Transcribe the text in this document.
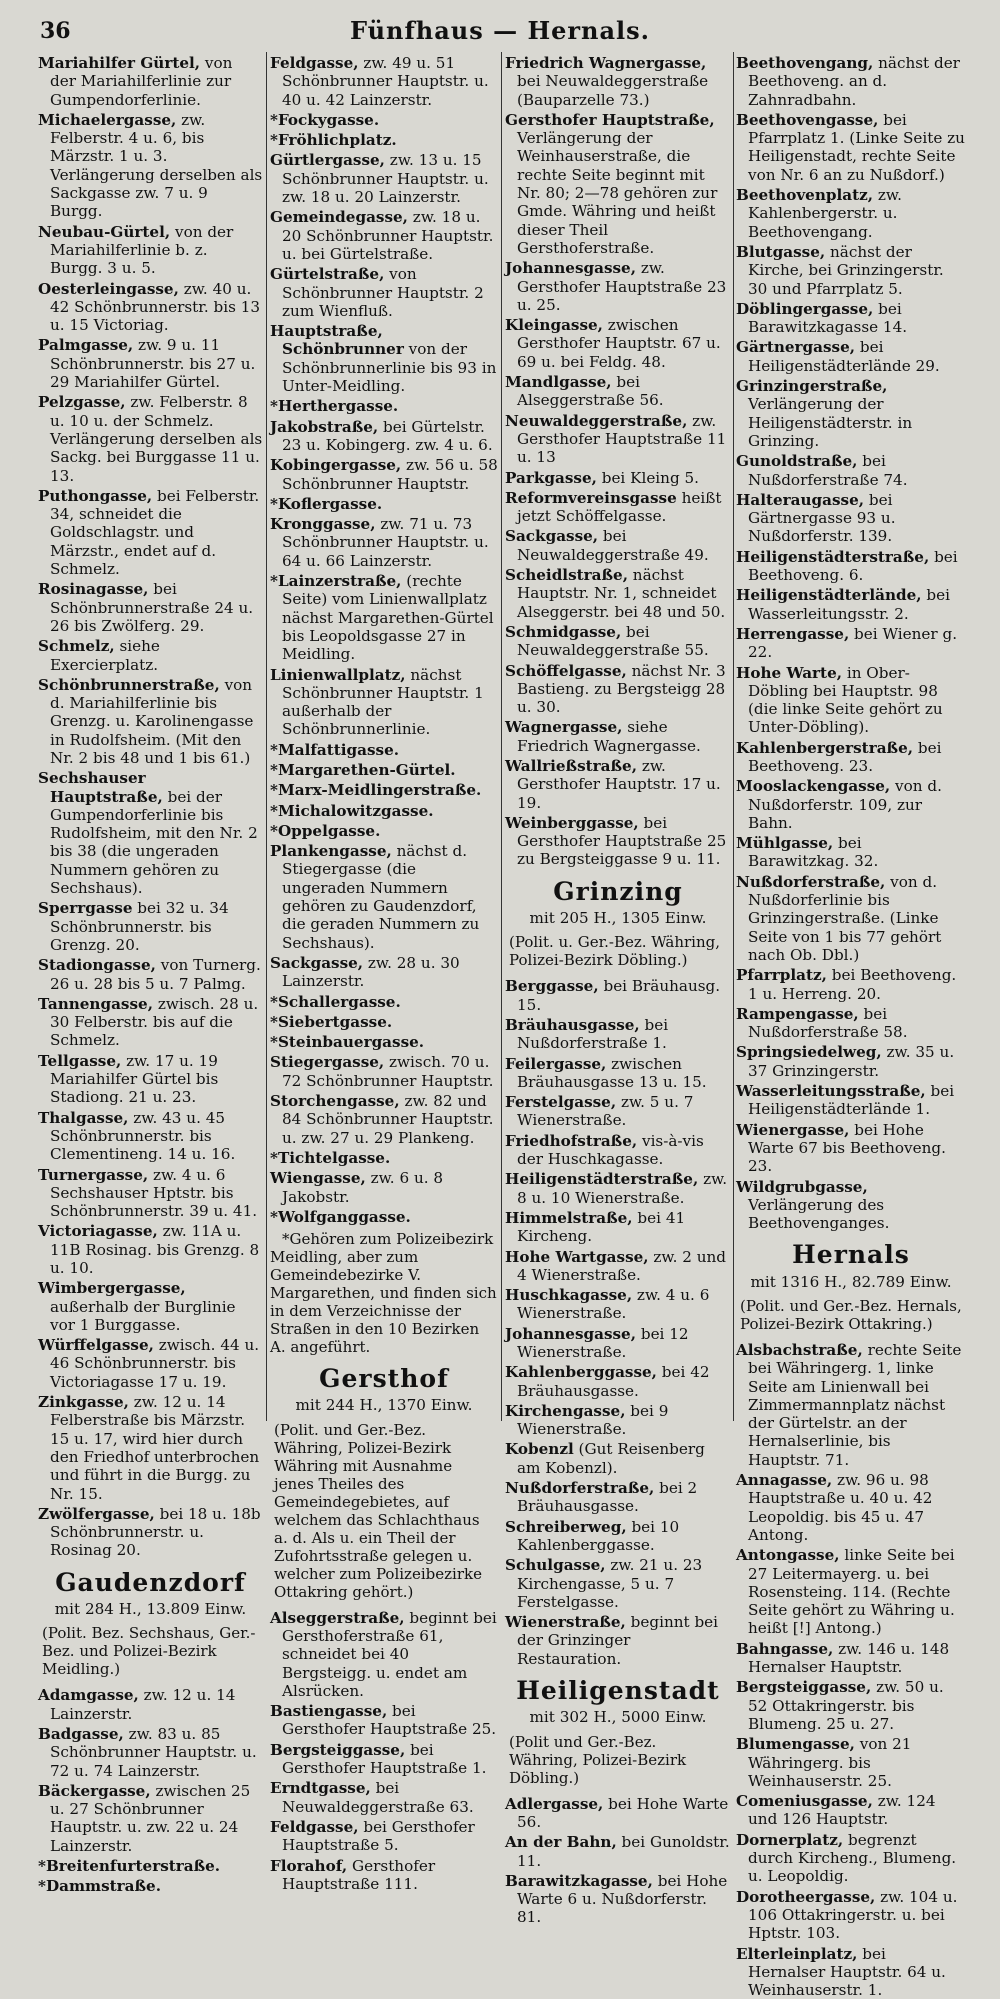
36	Fünfhaus — Hernals.
Mariahilfer Gürtel, von der Mariahilferlinie zur Gumpendorferlinie.
Michaelergasse, zw. Felberstr. 4 u. 6, bis Märzstr. 1 u. 3. Verlängerung derselben als Sackgasse zw. 7 u. 9 Burgg.
Neubau-Gürtel, von der Mariahilferlinie b. z. Burgg. 3 u. 5.
Oesterleingasse, zw. 40 u. 42 Schönbrunnerstr. bis 13 u. 15 Victoriag.
Palmgasse, zw. 9 u. 11 Schönbrunnerstr. bis 27 u. 29 Mariahilfer Gürtel.
Pelzgasse, zw. Felberstr. 8 u. 10 u. der Schmelz. Verlängerung derselben als Sackg. bei Burggasse 11 u. 13.
Puthongasse, bei Felberstr. 34, schneidet die Goldschlagstr. und Märzstr., endet auf d. Schmelz.
Rosinagasse, bei Schönbrunnerstraße 24 u. 26 bis Zwölferg. 29.
Schmelz, siehe Exercierplatz.
Schönbrunnerstraße, von d. Mariahilferlinie bis Grenzg. u. Karolinengasse in Rudolfsheim. (Mit den Nr. 2 bis 48 und 1 bis 61.)
Sechshauser Hauptstraße, bei der Gumpendorferlinie bis Rudolfsheim, mit den Nr. 2 bis 38 (die ungeraden Nummern gehören zu Sechshaus).
Sperrgasse bei 32 u. 34 Schönbrunnerstr. bis Grenzg. 20.
Stadiongasse, von Turnerg. 26 u. 28 bis 5 u. 7 Palmg.
Tannengasse, zwisch. 28 u. 30 Felberstr. bis auf die Schmelz.
Tellgasse, zw. 17 u. 19 Mariahilfer Gürtel bis Stadiong. 21 u. 23.
Thalgasse, zw. 43 u. 45 Schönbrunnerstr. bis Clementineng. 14 u. 16.
Turnergasse, zw. 4 u. 6 Sechshauser Hptstr. bis Schönbrunnerstr. 39 u. 41.
Victoriagasse, zw. 11A u. 11B Rosinag. bis Grenzg. 8 u. 10.
Wimbergergasse, außerhalb der Burglinie vor 1 Burggasse.
Würffelgasse, zwisch. 44 u. 46 Schönbrunnerstr. bis Victoriagasse 17 u. 19.
Zinkgasse, zw. 12 u. 14 Felberstraße bis Märzstr. 15 u. 17, wird hier durch den Friedhof unterbrochen und führt in die Burgg. zu Nr. 15.
Zwölfergasse, bei 18 u. 18b Schönbrunnerstr. u. Rosinag 20.
Gaudenzdorf
mit 284 H., 13.809 Einw.
(Polit. Bez. Sechshaus, Ger.-Bez. und Polizei-Bezirk Meidling.)
Adamgasse, zw. 12 u. 14 Lainzerstr.
Badgasse, zw. 83 u. 85 Schönbrunner Hauptstr. u. 72 u. 74 Lainzerstr.
Bäckergasse, zwischen 25 u. 27 Schönbrunner Hauptstr. u. zw. 22 u. 24 Lainzerstr.
*Breitenfurterstraße.
*Dammstraße.
Feldgasse, zw. 49 u. 51 Schönbrunner Hauptstr. u. 40 u. 42 Lainzerstr.
*Fockygasse.
*Fröhlichplatz.
Gürtlergasse, zw. 13 u. 15 Schönbrunner Hauptstr. u. zw. 18 u. 20 Lainzerstr.
Gemeindegasse, zw. 18 u. 20 Schönbrunner Hauptstr. u. bei Gürtelstraße.
Gürtelstraße, von Schönbrunner Hauptstr. 2 zum Wienfluß.
Hauptstraße, Schönbrunner von der Schönbrunnerlinie bis 93 in Unter-Meidling.
*Herthergasse.
Jakobstraße, bei Gürtelstr. 23 u. Kobingerg. zw. 4 u. 6.
Kobingergasse, zw. 56 u. 58 Schönbrunner Hauptstr.
*Koflergasse.
Kronggasse, zw. 71 u. 73 Schönbrunner Hauptstr. u. 64 u. 66 Lainzerstr.
*Lainzerstraße, (rechte Seite) vom Linienwallplatz nächst Margarethen-Gürtel bis Leopoldsgasse 27 in Meidling.
Linienwallplatz, nächst Schönbrunner Hauptstr. 1 außerhalb der Schönbrunnerlinie.
*Malfattigasse.
*Margarethen-Gürtel.
*Marx-Meidlingerstraße.
*Michalowitzgasse.
*Oppelgasse.
Plankengasse, nächst d. Stiegergasse (die ungeraden Nummern gehören zu Gaudenzdorf, die geraden Nummern zu Sechshaus).
Sackgasse, zw. 28 u. 30 Lainzerstr.
*Schallergasse.
*Siebertgasse.
*Steinbauergasse.
Stiegergasse, zwisch. 70 u. 72 Schönbrunner Hauptstr.
Storchengasse, zw. 82 und 84 Schönbrunner Hauptstr. u. zw. 27 u. 29 Plankeng.
*Tichtelgasse.
Wiengasse, zw. 6 u. 8 Jakobstr.
*Wolfganggasse.
*Gehören zum Polizeibezirk Meidling, aber zum Gemeindebezirke V. Margarethen, und finden sich in dem Verzeichnisse der Straßen in den 10 Bezirken A. angeführt.
Gersthof
mit 244 H., 1370 Einw.
(Polit. und Ger.-Bez. Währing, Polizei-Bezirk Währing mit Ausnahme jenes Theiles des Gemeindegebietes, auf welchem das Schlachthaus a. d. Als u. ein Theil der Zufohrtsstraße gelegen u. welcher zum Polizeibezirke Ottakring gehört.)
Alseggerstraße, beginnt bei Gersthoferstraße 61, schneidet bei 40 Bergsteigg. u. endet am Alsrücken.
Bastiengasse, bei Gersthofer Hauptstraße 25.
Bergsteiggasse, bei Gersthofer Hauptstraße 1.
Erndtgasse, bei Neuwaldeggerstraße 63.
Feldgasse, bei Gersthofer Hauptstraße 5.
Florahof, Gersthofer Hauptstraße 111.
Friedrich Wagnergasse, bei Neuwaldeggerstraße (Bauparzelle 73.)
Gersthofer Hauptstraße, Verlängerung der Weinhauserstraße, die rechte Seite beginnt mit Nr. 80; 2—78 gehören zur Gmde. Währing und heißt dieser Theil Gersthoferstraße.
Johannesgasse, zw. Gersthofer Hauptstraße 23 u. 25.
Kleingasse, zwischen Gersthofer Hauptstr. 67 u. 69 u. bei Feldg. 48.
Mandlgasse, bei Alseggerstraße 56.
Neuwaldeggerstraße, zw. Gersthofer Hauptstraße 11 u. 13
Parkgasse, bei Kleing 5.
Reformvereinsgasse heißt jetzt Schöffelgasse.
Sackgasse, bei Neuwaldeggerstraße 49.
Scheidlstraße, nächst Hauptstr. Nr. 1, schneidet Alseggerstr. bei 48 und 50.
Schmidgasse, bei Neuwaldeggerstraße 55.
Schöffelgasse, nächst Nr. 3 Bastieng. zu Bergsteigg 28 u. 30.
Wagnergasse, siehe Friedrich Wagnergasse.
Wallrießstraße, zw. Gersthofer Hauptstr. 17 u. 19.
Weinberggasse, bei Gersthofer Hauptstraße 25 zu Bergsteiggasse 9 u. 11.
Grinzing
mit 205 H., 1305 Einw.
(Polit. u. Ger.-Bez. Währing, Polizei-Bezirk Döbling.)
Berggasse, bei Bräuhausg. 15.
Bräuhausgasse, bei Nußdorferstraße 1.
Feilergasse, zwischen Bräuhausgasse 13 u. 15.
Ferstelgasse, zw. 5 u. 7 Wienerstraße.
Friedhofstraße, vis-à-vis der Huschkagasse.
Heiligenstädterstraße, zw. 8 u. 10 Wienerstraße.
Himmelstraße, bei 41 Kircheng.
Hohe Wartgasse, zw. 2 und 4 Wienerstraße.
Huschkagasse, zw. 4 u. 6 Wienerstraße.
Johannesgasse, bei 12 Wienerstraße.
Kahlenberggasse, bei 42 Bräuhausgasse.
Kirchengasse, bei 9 Wienerstraße.
Kobenzl (Gut Reisenberg am Kobenzl).
Nußdorferstraße, bei 2 Bräuhausgasse.
Schreiberweg, bei 10 Kahlenberggasse.
Schulgasse, zw. 21 u. 23 Kirchengasse, 5 u. 7 Ferstelgasse.
Wienerstraße, beginnt bei der Grinzinger Restauration.
Heiligenstadt
mit 302 H., 5000 Einw.
(Polit und Ger.-Bez. Währing, Polizei-Bezirk Döbling.)
Adlergasse, bei Hohe Warte 56.
An der Bahn, bei Gunoldstr. 11.
Barawitzkagasse, bei Hohe Warte 6 u. Nußdorferstr. 81.
Beethovengang, nächst der Beethoveng. an d. Zahnradbahn.
Beethovengasse, bei Pfarrplatz 1. (Linke Seite zu Heiligenstadt, rechte Seite von Nr. 6 an zu Nußdorf.)
Beethovenplatz, zw. Kahlenbergerstr. u. Beethovengang.
Blutgasse, nächst der Kirche, bei Grinzingerstr. 30 und Pfarrplatz 5.
Döblingergasse, bei Barawitzkagasse 14.
Gärtnergasse, bei Heiligenstädterlände 29.
Grinzingerstraße, Verlängerung der Heiligenstädterstr. in Grinzing.
Gunoldstraße, bei Nußdorferstraße 74.
Halteraugasse, bei Gärtnergasse 93 u. Nußdorferstr. 139.
Heiligenstädterstraße, bei Beethoveng. 6.
Heiligenstädterlände, bei Wasserleitungsstr. 2.
Herrengasse, bei Wiener g. 22.
Hohe Warte, in Ober-Döbling bei Hauptstr. 98 (die linke Seite gehört zu Unter-Döbling).
Kahlenbergerstraße, bei Beethoveng. 23.
Mooslackengasse, von d. Nußdorferstr. 109, zur Bahn.
Mühlgasse, bei Barawitzkag. 32.
Nußdorferstraße, von d. Nußdorferlinie bis Grinzingerstraße. (Linke Seite von 1 bis 77 gehört nach Ob. Dbl.)
Pfarrplatz, bei Beethoveng. 1 u. Herreng. 20.
Rampengasse, bei Nußdorferstraße 58.
Springsiedelweg, zw. 35 u. 37 Grinzingerstr.
Wasserleitungsstraße, bei Heiligenstädterlände 1.
Wienergasse, bei Hohe Warte 67 bis Beethoveng. 23.
Wildgrubgasse, Verlängerung des Beethovenganges.
Hernals
mit 1316 H., 82.789 Einw.
(Polit. und Ger.-Bez. Hernals, Polizei-Bezirk Ottakring.)
Alsbachstraße, rechte Seite bei Währingerg. 1, linke Seite am Linienwall bei Zimmermannplatz nächst der Gürtelstr. an der Hernalserlinie, bis Hauptstr. 71.
Annagasse, zw. 96 u. 98 Hauptstraße u. 40 u. 42 Leopoldig. bis 45 u. 47 Antong.
Antongasse, linke Seite bei 27 Leitermayerg. u. bei Rosensteing. 114. (Rechte Seite gehört zu Währing u. heißt [!] Antong.)
Bahngasse, zw. 146 u. 148 Hernalser Hauptstr.
Bergsteiggasse, zw. 50 u. 52 Ottakringerstr. bis Blumeng. 25 u. 27.
Blumengasse, von 21 Währingerg. bis Weinhauserstr. 25.
Comeniusgasse, zw. 124 und 126 Hauptstr.
Dornerplatz, begrenzt durch Kircheng., Blumeng. u. Leopoldig.
Dorotheergasse, zw. 104 u. 106 Ottakringerstr. u. bei Hptstr. 103.
Elterleinplatz, bei Hernalser Hauptstr. 64 u. Weinhauserstr. 1.
